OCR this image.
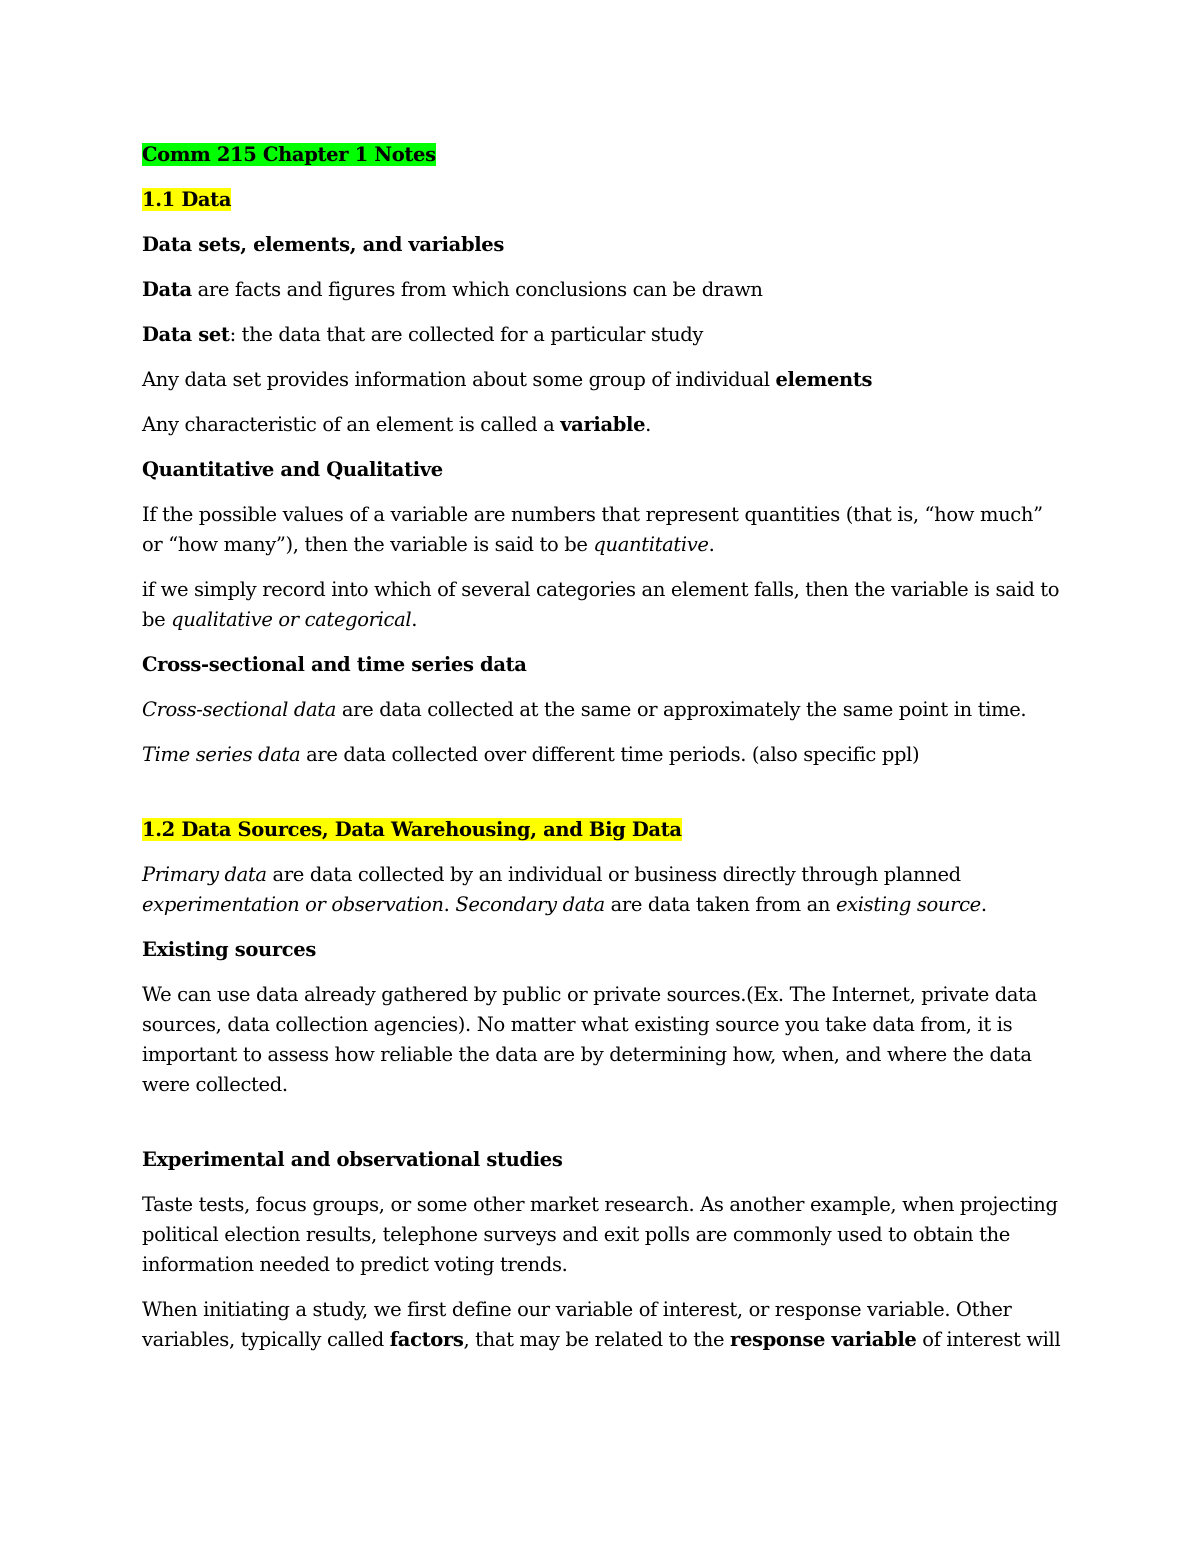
Comm 215 Chapter 1 Notes

1.1 Data

Data sets, elements, and variables

Data are facts and figures from which conclusions can be drawn

Data set: the data that are collected for a particular study

Any data set provides information about some group of individual elements

Any characteristic of an element is called a variable.

Quantitative and Qualitative

If the possible values of a variable are numbers that represent quantities (that is, “how much” or “how many”), then the variable is said to be quantitative.

if we simply record into which of several categories an element falls, then the variable is said to be qualitative or categorical.

Cross-sectional and time series data

Cross-sectional data are data collected at the same or approximately the same point in time.

Time series data are data collected over different time periods. (also specific ppl)

1.2 Data Sources, Data Warehousing, and Big Data

Primary data are data collected by an individual or business directly through planned experimentation or observation. Secondary data are data taken from an existing source.

Existing sources

We can use data already gathered by public or private sources.(Ex. The Internet, private data sources, data collection agencies). No matter what existing source you take data from, it is important to assess how reliable the data are by determining how, when, and where the data were collected.

Experimental and observational studies

Taste tests, focus groups, or some other market research. As another example, when projecting political election results, telephone surveys and exit polls are commonly used to obtain the information needed to predict voting trends.

When initiating a study, we first define our variable of interest, or response variable. Other variables, typically called factors, that may be related to the response variable of interest will
